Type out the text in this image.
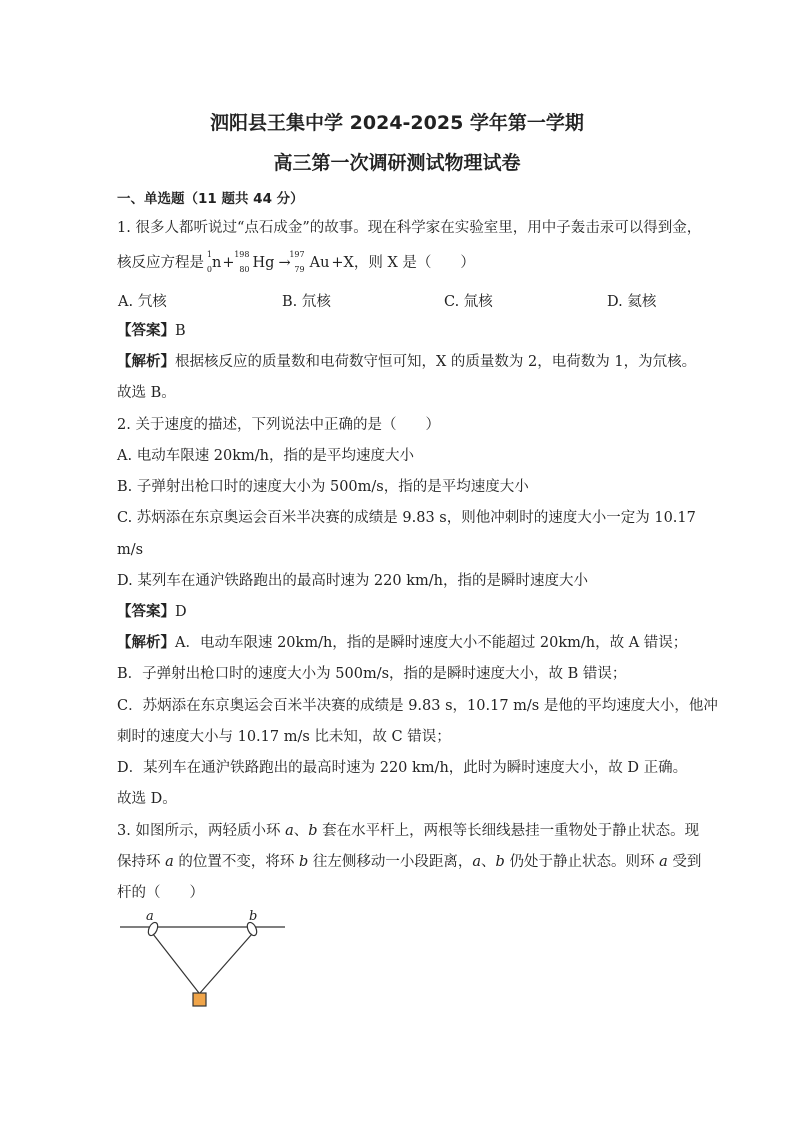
泗阳县王集中学 2024-2025 学年第一学期
高三第一次调研测试物理试卷
一、单选题（11 题共 44 分）
1. 很多人都听说过“点石成金”的故事。现在科学家在实验室里，用中子轰击汞可以得到金，
核反应方程是
1
0 n +
198
80 Hg →
197
79 Au +X ，则 X 是（　　）
A. 氕核	B. 氘核	C. 氚核	D. 氦核
【答案】B
【解析】根据核反应的质量数和电荷数守恒可知，X 的质量数为 2，电荷数为 1，为氘核。
故选 B。
2. 关于速度的描述，下列说法中正确的是（　　）
A. 电动车限速 20km/h，指的是平均速度大小
B. 子弹射出枪口时的速度大小为 500m/s，指的是平均速度大小
C. 苏炳添在东京奥运会百米半决赛的成绩是 9.83 s，则他冲刺时的速度大小一定为 10.17
m/s
D. 某列车在通沪铁路跑出的最高时速为 220 km/h，指的是瞬时速度大小
【答案】D
【解析】A．电动车限速 20km/h，指的是瞬时速度大小不能超过 20km/h，故 A 错误；
B．子弹射出枪口时的速度大小为 500m/s，指的是瞬时速度大小，故 B 错误；
C．苏炳添在东京奥运会百米半决赛的成绩是 9.83 s，10.17 m/s 是他的平均速度大小，他冲
刺时的速度大小与 10.17 m/s 比未知，故 C 错误；
D．某列车在通沪铁路跑出的最高时速为 220 km/h，此时为瞬时速度大小，故 D 正确。
故选 D。
3. 如图所示，两轻质小环 a、b 套在水平杆上，两根等长细线悬挂一重物处于静止状态。现
保持环 a 的位置不变，将环 b 往左侧移动一小段距离，a、b 仍处于静止状态。则环 a 受到
杆的（　　）
a	b
